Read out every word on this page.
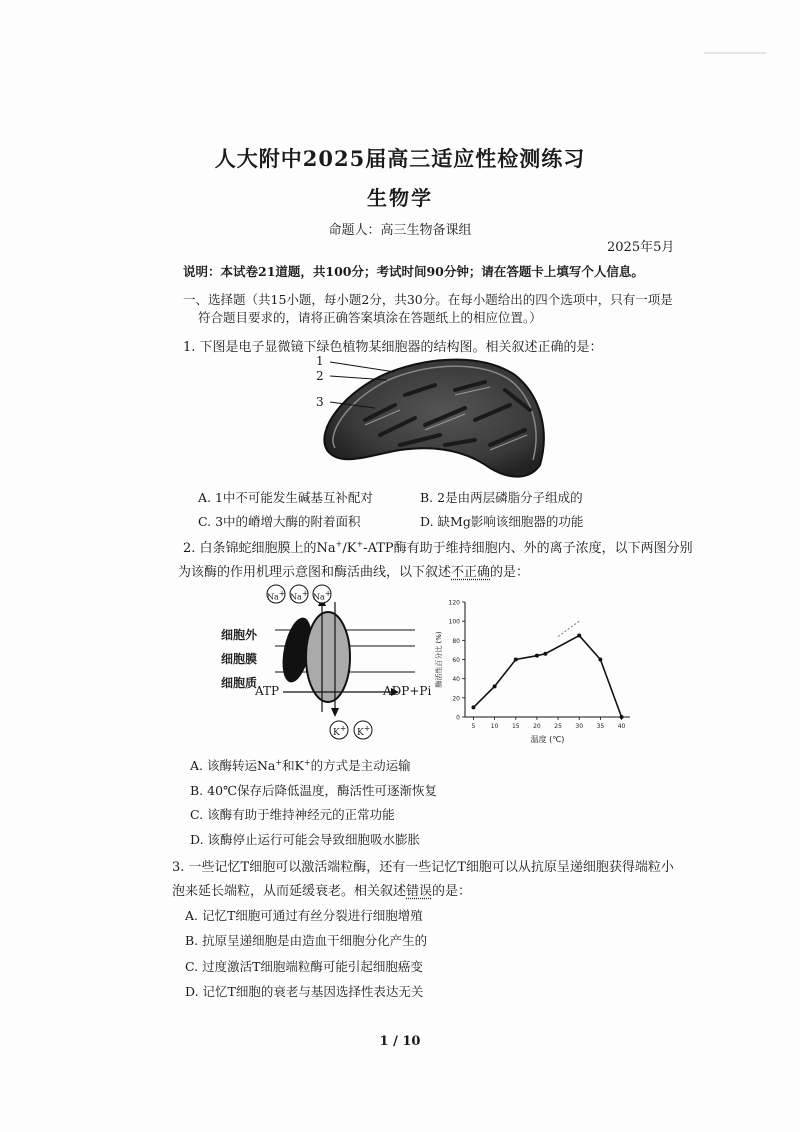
人大附中2025届高三适应性检测练习
生物学
命题人：高三生物备课组
2025年5月
说明：本试卷21道题，共100分；考试时间90分钟；请在答题卡上填写个人信息。
一、选择题（共15小题，每小题2分，共30分。在每小题给出的四个选项中，只有一项是
符合题目要求的，请将正确答案填涂在答题纸上的相应位置。）
1. 下图是电子显微镜下绿色植物某细胞器的结构图。相关叙述正确的是：
1
2
3
A. 1中不可能发生碱基互补配对	B. 2是由两层磷脂分子组成的
C. 3中的嵴增大酶的附着面积	D. 缺Mg影响该细胞器的功能
2. 白条锦蛇细胞膜上的Na+/K+-ATP酶有助于维持细胞内、外的离子浓度，以下两图分别
为该酶的作用机理示意图和酶活曲线，以下叙述不正确的是：
Na+ Na+ Na+
K+ K+
细胞外
细胞膜
细胞质
ATP	ADP+Pi
0
20
40
60
80
100
120
5	10 15 20 25 30 35 40
温度 (℃)
酶活性百分比 (%)
A. 该酶转运Na+和K+的方式是主动运输
B. 40℃保存后降低温度，酶活性可逐渐恢复
C. 该酶有助于维持神经元的正常功能
D. 该酶停止运行可能会导致细胞吸水膨胀
3. 一些记忆T细胞可以激活端粒酶，还有一些记忆T细胞可以从抗原呈递细胞获得端粒小
泡来延长端粒，从而延缓衰老。相关叙述错误的是：
A. 记忆T细胞可通过有丝分裂进行细胞增殖
B. 抗原呈递细胞是由造血干细胞分化产生的
C. 过度激活T细胞端粒酶可能引起细胞癌变
D. 记忆T细胞的衰老与基因选择性表达无关
1 / 10
